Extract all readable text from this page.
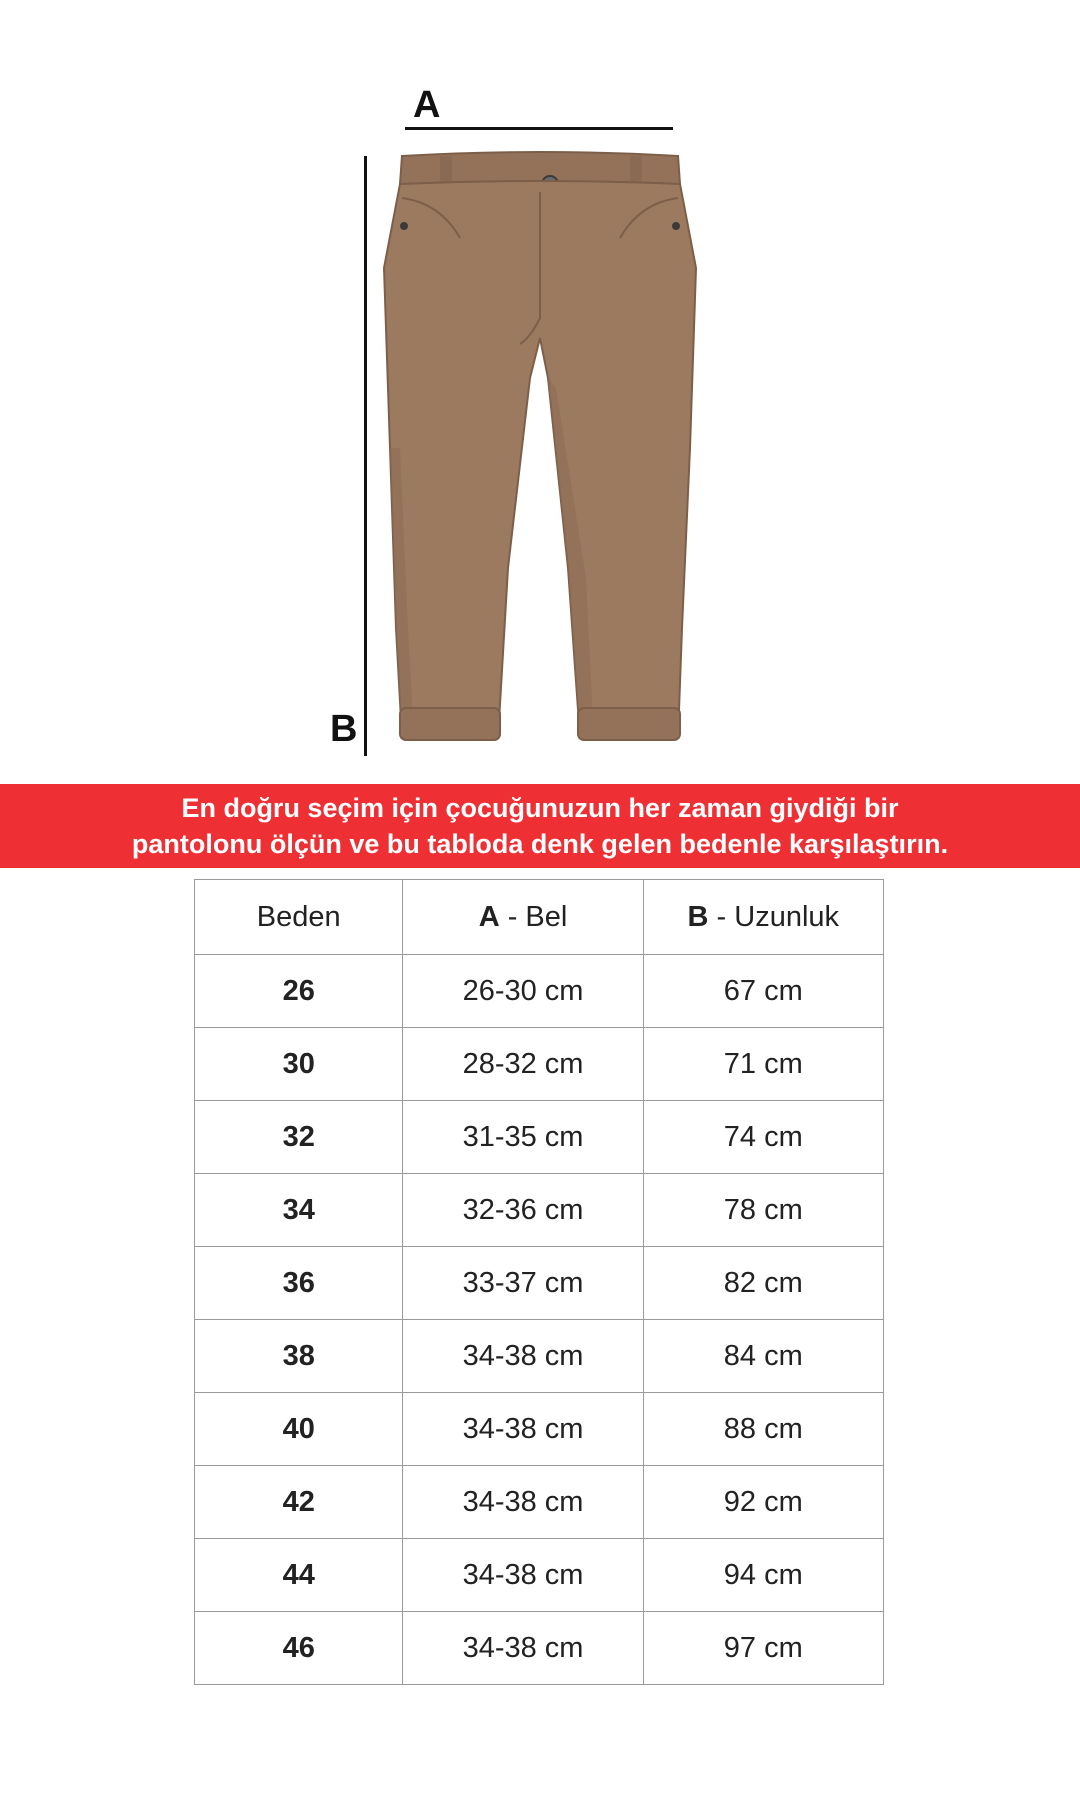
A
B
En doğru seçim için çocuğunuzun her zaman giydiği bir
pantolonu ölçün ve bu tabloda denk gelen bedenle karşılaştırın.
Beden	A - Bel	B - Uzunluk
26	26-30 cm	67 cm
30	28-32 cm	71 cm
32	31-35 cm	74 cm
34	32-36 cm	78 cm
36	33-37 cm	82 cm
38	34-38 cm	84 cm
40	34-38 cm	88 cm
42	34-38 cm	92 cm
44	34-38 cm	94 cm
46	34-38 cm	97 cm
